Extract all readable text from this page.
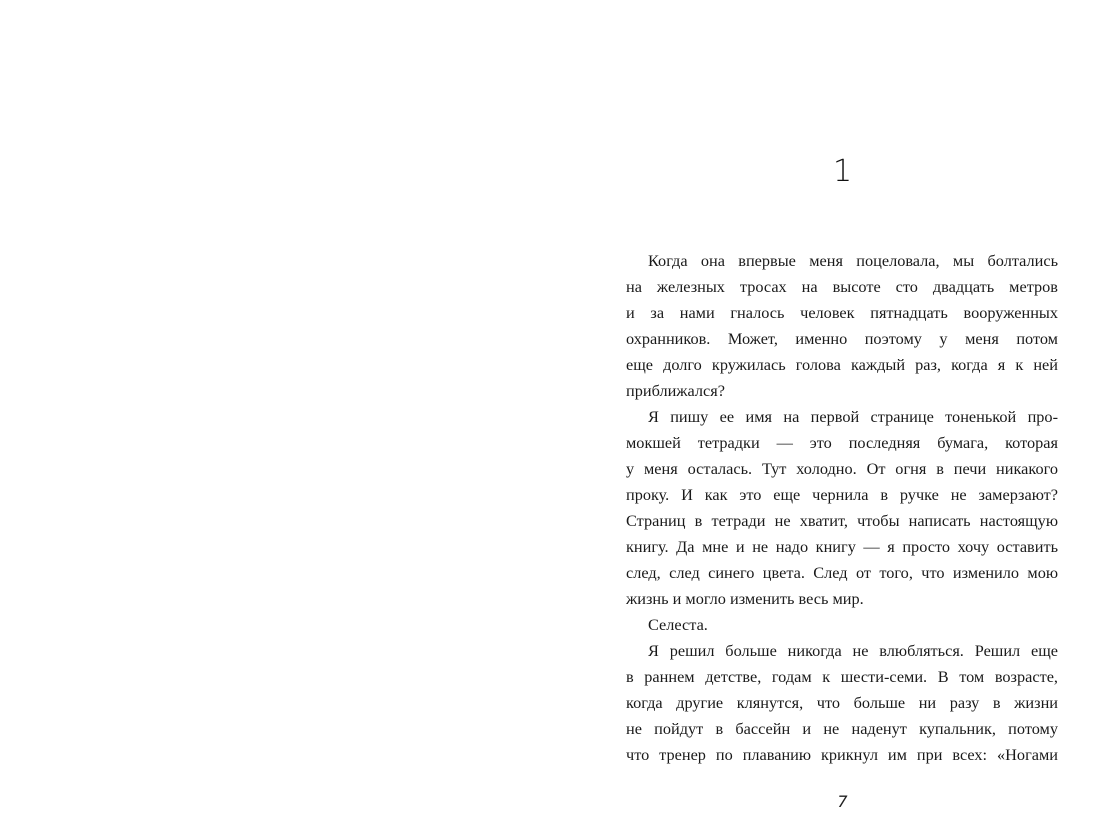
1
Когда она впервые меня поцеловала, мы болтались
на железных тросах на высоте сто двадцать метров
и за нами гналось человек пятнадцать вооруженных
охранников. Может, именно поэтому у меня потом
еще долго кружилась голова каждый раз, когда я к ней
приближался?
Я пишу ее имя на первой странице тоненькой про-
мокшей тетрадки — это последняя бумага, которая
у меня осталась. Тут холодно. От огня в печи никакого
проку. И как это еще чернила в ручке не замерзают?
Страниц в тетради не хватит, чтобы написать настоящую
книгу. Да мне и не надо книгу — я просто хочу оставить
след, след синего цвета. След от того, что изменило мою
жизнь и могло изменить весь мир.
Селеста.
Я решил больше никогда не влюбляться. Решил еще
в раннем детстве, годам к шести-семи. В том возрасте,
когда другие клянутся, что больше ни разу в жизни
не пойдут в бассейн и не наденут купальник, потому
что тренер по плаванию крикнул им при всех: «Ногами
7
